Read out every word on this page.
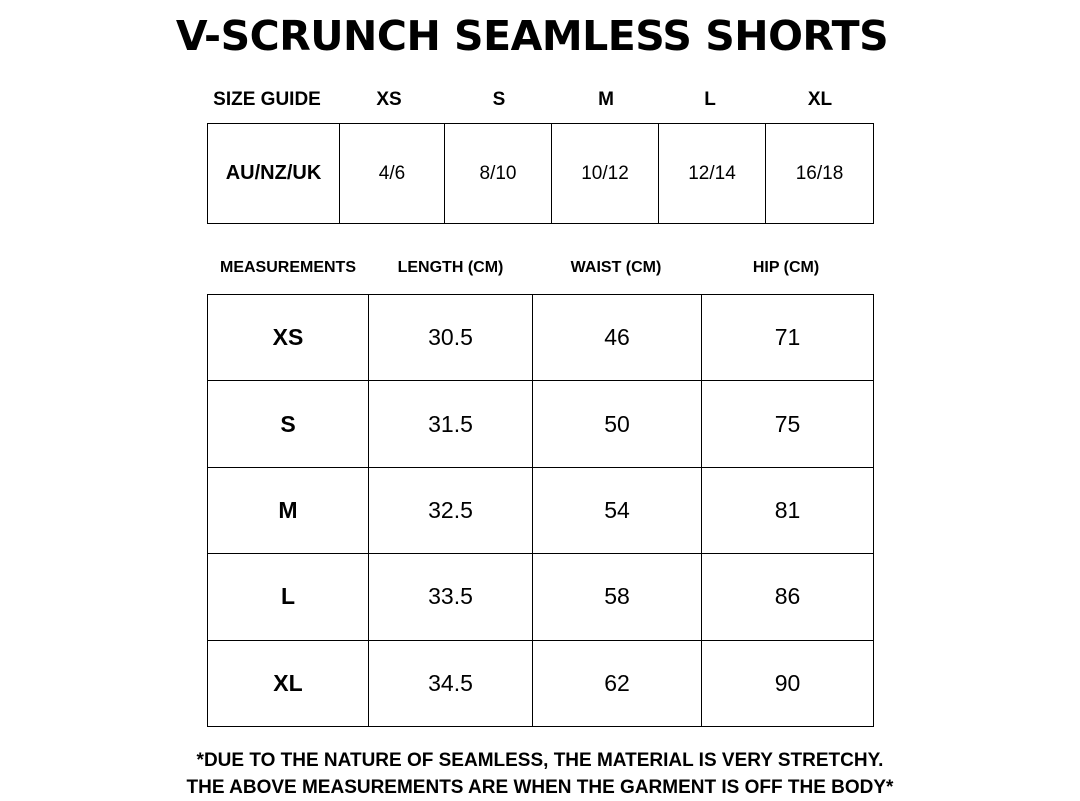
V-SCRUNCH SEAMLESS SHORTS
SIZE GUIDE	XS	S	M	L	XL
AU/NZ/UK	4/6	8/10	10/12	12/14	16/18
MEASUREMENTS	LENGTH (CM)	WAIST (CM)	HIP (CM)
XS	30.5	46	71
S	31.5	50	75
M	32.5	54	81
L	33.5	58	86
XL	34.5	62	90
*DUE TO THE NATURE OF SEAMLESS, THE MATERIAL IS VERY STRETCHY.
THE ABOVE MEASUREMENTS ARE WHEN THE GARMENT IS OFF THE BODY*
